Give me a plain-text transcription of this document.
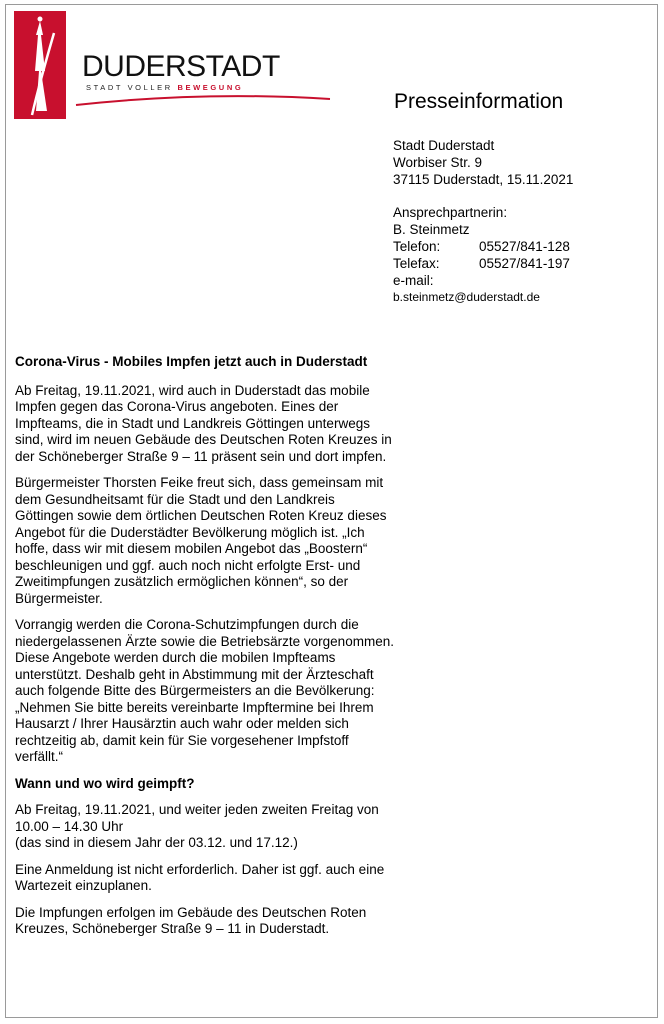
DUDERSTADT
STADT VOLLER BEWEGUNG
Presseinformation
Stadt Duderstadt
Worbiser Str. 9
37115 Duderstadt, 15.11.2021
Ansprechpartnerin:
B. Steinmetz
Telefon:	05527/841-128
Telefax:	05527/841-197
e-mail:
b.steinmetz@duderstadt.de
Corona-Virus - Mobiles Impfen jetzt auch in Duderstadt

Ab Freitag, 19.11.2021, wird auch in Duderstadt das mobile Impfen gegen das Corona-Virus angeboten. Eines der Impfteams, die in Stadt und Landkreis Göttingen unterwegs sind, wird im neuen Gebäude des Deutschen Roten Kreuzes in der Schöneberger Straße 9 – 11 präsent sein und dort impfen.

Bürgermeister Thorsten Feike freut sich, dass gemeinsam mit dem Gesundheitsamt für die Stadt und den Landkreis Göttingen sowie dem örtlichen Deutschen Roten Kreuz dieses Angebot für die Duderstädter Bevölkerung möglich ist. „Ich hoffe, dass wir mit diesem mobilen Angebot das „Boostern“ beschleunigen und ggf. auch noch nicht erfolgte Erst- und Zweitimpfungen zusätzlich ermöglichen können“, so der Bürgermeister.

Vorrangig werden die Corona-Schutzimpfungen durch die niedergelassenen Ärzte sowie die Betriebsärzte vorgenommen. Diese Angebote werden durch die mobilen Impfteams unterstützt. Deshalb geht in Abstimmung mit der Ärzteschaft auch folgende Bitte des Bürgermeisters an die Bevölkerung: „Nehmen Sie bitte bereits vereinbarte Impftermine bei Ihrem Hausarzt / Ihrer Hausärztin auch wahr oder melden sich rechtzeitig ab, damit kein für Sie vorgesehener Impfstoff verfällt.“

Wann und wo wird geimpft?

Ab Freitag, 19.11.2021, und weiter jeden zweiten Freitag von 10.00 – 14.30 Uhr
(das sind in diesem Jahr der 03.12. und 17.12.)

Eine Anmeldung ist nicht erforderlich. Daher ist ggf. auch eine Wartezeit einzuplanen.

Die Impfungen erfolgen im Gebäude des Deutschen Roten Kreuzes, Schöneberger Straße 9 – 11 in Duderstadt.
